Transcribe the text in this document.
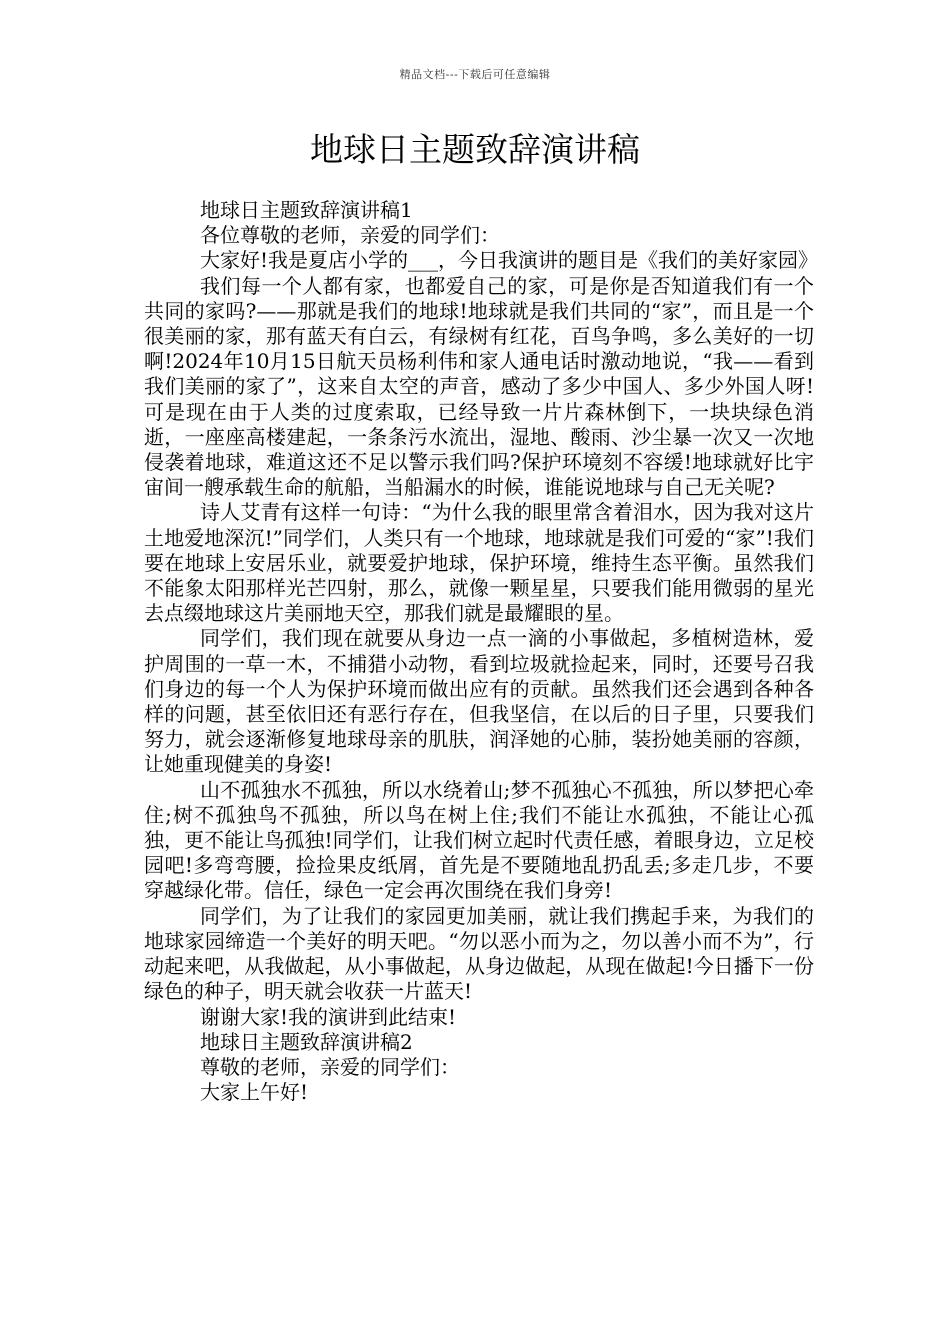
精品文档---下载后可任意编辑
地球日主题致辞演讲稿

地球日主题致辞演讲稿1

各位尊敬的老师，亲爱的同学们：

大家好!我是夏店小学的___，今日我演讲的题目是《我们的美好家园》

我们每一个人都有家，也都爱自己的家，可是你是否知道我们有一个共同的家吗?——那就是我们的地球!地球就是我们共同的“家”，而且是一个很美丽的家，那有蓝天有白云，有绿树有红花，百鸟争鸣，多么美好的一切啊!2024年10月15日航天员杨利伟和家人通电话时激动地说，“我——看到我们美丽的家了”，这来自太空的声音，感动了多少中国人、多少外国人呀!可是现在由于人类的过度索取，已经导致一片片森林倒下，一块块绿色消逝，一座座高楼建起，一条条污水流出，湿地、酸雨、沙尘暴一次又一次地侵袭着地球，难道这还不足以警示我们吗?保护环境刻不容缓!地球就好比宇宙间一艘承载生命的航船，当船漏水的时候，谁能说地球与自己无关呢?

诗人艾青有这样一句诗：“为什么我的眼里常含着泪水，因为我对这片土地爱地深沉!”同学们，人类只有一个地球，地球就是我们可爱的“家”!我们要在地球上安居乐业，就要爱护地球，保护环境，维持生态平衡。虽然我们不能象太阳那样光芒四射，那么，就像一颗星星，只要我们能用微弱的星光去点缀地球这片美丽地天空，那我们就是最耀眼的星。

同学们，我们现在就要从身边一点一滴的小事做起，多植树造林，爱护周围的一草一木，不捕猎小动物，看到垃圾就捡起来，同时，还要号召我们身边的每一个人为保护环境而做出应有的贡献。虽然我们还会遇到各种各样的问题，甚至依旧还有恶行存在，但我坚信，在以后的日子里，只要我们努力，就会逐渐修复地球母亲的肌肤，润泽她的心肺，装扮她美丽的容颜，让她重现健美的身姿!

山不孤独水不孤独，所以水绕着山;梦不孤独心不孤独，所以梦把心牵住;树不孤独鸟不孤独，所以鸟在树上住;我们不能让水孤独，不能让心孤独，更不能让鸟孤独!同学们，让我们树立起时代责任感，着眼身边，立足校园吧!多弯弯腰，捡捡果皮纸屑，首先是不要随地乱扔乱丢;多走几步，不要穿越绿化带。信任，绿色一定会再次围绕在我们身旁!

同学们，为了让我们的家园更加美丽，就让我们携起手来，为我们的地球家园缔造一个美好的明天吧。“勿以恶小而为之，勿以善小而不为”，行动起来吧，从我做起，从小事做起，从身边做起，从现在做起!今日播下一份绿色的种子，明天就会收获一片蓝天!

谢谢大家!我的演讲到此结束!

地球日主题致辞演讲稿2

尊敬的老师，亲爱的同学们：

大家上午好!
